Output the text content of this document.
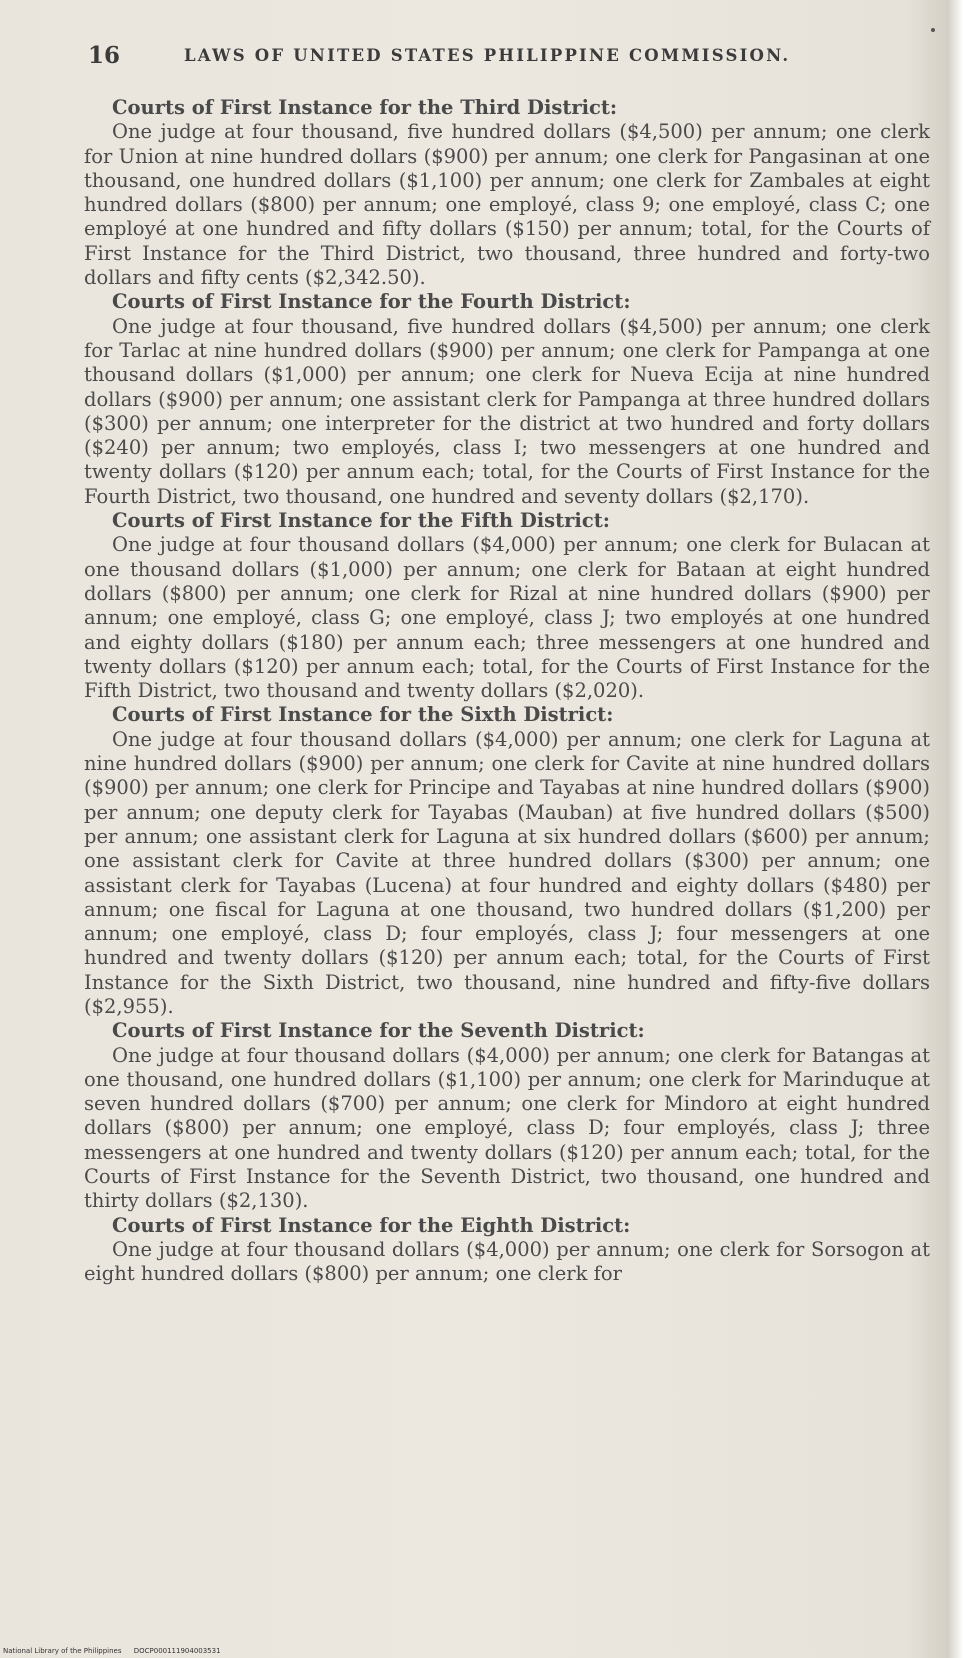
16	LAWS OF UNITED STATES PHILIPPINE COMMISSION.

Courts of First Instance for the Third District:

One judge at four thousand, five hundred dollars ($4,500) per annum; one clerk for Union at nine hundred dollars ($900) per annum; one clerk for Pangasinan at one thousand, one hundred dollars ($1,100) per annum; one clerk for Zambales at eight hundred dollars ($800) per annum; one employé, class 9; one employé, class C; one employé at one hundred and fifty dollars ($150) per annum; total, for the Courts of First Instance for the Third District, two thousand, three hundred and forty-two dollars and fifty cents ($2,342.50).

Courts of First Instance for the Fourth District:

One judge at four thousand, five hundred dollars ($4,500) per annum; one clerk for Tarlac at nine hundred dollars ($900) per annum; one clerk for Pampanga at one thousand dollars ($1,000) per annum; one clerk for Nueva Ecija at nine hundred dollars ($900) per annum; one assistant clerk for Pampanga at three hundred dollars ($300) per annum; one interpreter for the district at two hundred and forty dollars ($240) per annum; two employés, class I; two messengers at one hundred and twenty dollars ($120) per annum each; total, for the Courts of First Instance for the Fourth District, two thousand, one hundred and seventy dollars ($2,170).

Courts of First Instance for the Fifth District:

One judge at four thousand dollars ($4,000) per annum; one clerk for Bulacan at one thousand dollars ($1,000) per annum; one clerk for Bataan at eight hundred dollars ($800) per annum; one clerk for Rizal at nine hundred dollars ($900) per annum; one employé, class G; one employé, class J; two employés at one hundred and eighty dollars ($180) per annum each; three messengers at one hundred and twenty dollars ($120) per annum each; total, for the Courts of First Instance for the Fifth District, two thousand and twenty dollars ($2,020).

Courts of First Instance for the Sixth District:

One judge at four thousand dollars ($4,000) per annum; one clerk for Laguna at nine hundred dollars ($900) per annum; one clerk for Cavite at nine hundred dollars ($900) per annum; one clerk for Principe and Tayabas at nine hundred dollars ($900) per annum; one deputy clerk for Tayabas (Mauban) at five hundred dollars ($500) per annum; one assistant clerk for Laguna at six hundred dollars ($600) per annum; one assistant clerk for Cavite at three hundred dollars ($300) per annum; one assistant clerk for Tayabas (Lucena) at four hundred and eighty dollars ($480) per annum; one fiscal for Laguna at one thousand, two hundred dollars ($1,200) per annum; one employé, class D; four employés, class J; four messengers at one hundred and twenty dollars ($120) per annum each; total, for the Courts of First Instance for the Sixth District, two thousand, nine hundred and fifty-five dollars ($2,955).

Courts of First Instance for the Seventh District:

One judge at four thousand dollars ($4,000) per annum; one clerk for Batangas at one thousand, one hundred dollars ($1,100) per annum; one clerk for Marinduque at seven hundred dollars ($700) per annum; one clerk for Mindoro at eight hundred dollars ($800) per annum; one employé, class D; four employés, class J; three messengers at one hundred and twenty dollars ($120) per annum each; total, for the Courts of First Instance for the Seventh District, two thousand, one hundred and thirty dollars ($2,130).

Courts of First Instance for the Eighth District:

One judge at four thousand dollars ($4,000) per annum; one clerk for Sorsogon at eight hundred dollars ($800) per annum; one clerk for

National Library of the Philippines DOCP000111904003531
